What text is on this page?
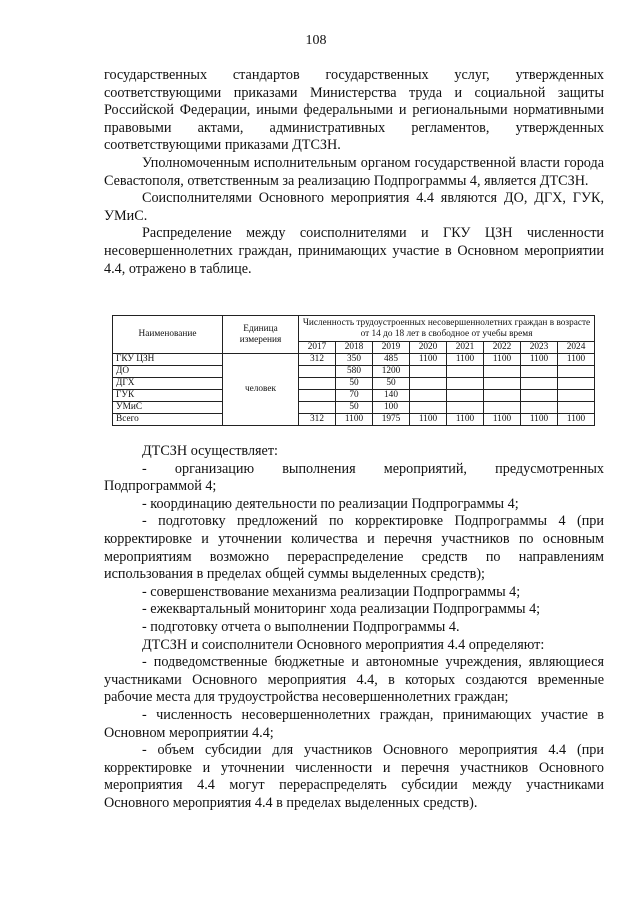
108

государственных стандартов государственных услуг, утвержденных соответствующими приказами Министерства труда и социальной защиты Российской Федерации, иными федеральными и региональными нормативными правовыми актами, административных регламентов, утвержденных соответствующими приказами ДТСЗН.

Уполномоченным исполнительным органом государственной власти города Севастополя, ответственным за реализацию Подпрограммы 4, является ДТСЗН.

Соисполнителями Основного мероприятия 4.4 являются ДО, ДГХ, ГУК, УМиС.

Распределение между соисполнителями и ГКУ ЦЗН численности несовершеннолетних граждан, принимающих участие в Основном мероприятии 4.4, отражено в таблице.

Наименование	Единица измерения	Численность трудоустроенных несовершеннолетних граждан в возрасте от 14 до 18 лет в свободное от учебы время							
		2017	2018	2019	2020	2021	2022	2023	2024
ГКУ ЦЗН	человек	312	350	485	1100	1100	1100	1100	1100
ДО			580	1200					
ДГХ			50	50					
ГУК			70	140					
УМиС			50	100					
Всего		312	1100	1975	1100	1100	1100	1100	1100

ДТСЗН осуществляет:

- организацию выполнения мероприятий, предусмотренных Подпрограммой 4;

- координацию деятельности по реализации Подпрограммы 4;

- подготовку предложений по корректировке Подпрограммы 4 (при корректировке и уточнении количества и перечня участников по основным мероприятиям возможно перераспределение средств по направлениям использования в пределах общей суммы выделенных средств);

- совершенствование механизма реализации Подпрограммы 4;

- ежеквартальный мониторинг хода реализации Подпрограммы 4;

- подготовку отчета о выполнении Подпрограммы 4.

ДТСЗН и соисполнители Основного мероприятия 4.4 определяют:

- подведомственные бюджетные и автономные учреждения, являющиеся участниками Основного мероприятия 4.4, в которых создаются временные рабочие места для трудоустройства несовершеннолетних граждан;

- численность несовершеннолетних граждан, принимающих участие в Основном мероприятии 4.4;

- объем субсидии для участников Основного мероприятия 4.4 (при корректировке и уточнении численности и перечня участников Основного мероприятия 4.4 могут перераспределять субсидии между участниками Основного мероприятия 4.4 в пределах выделенных средств).
